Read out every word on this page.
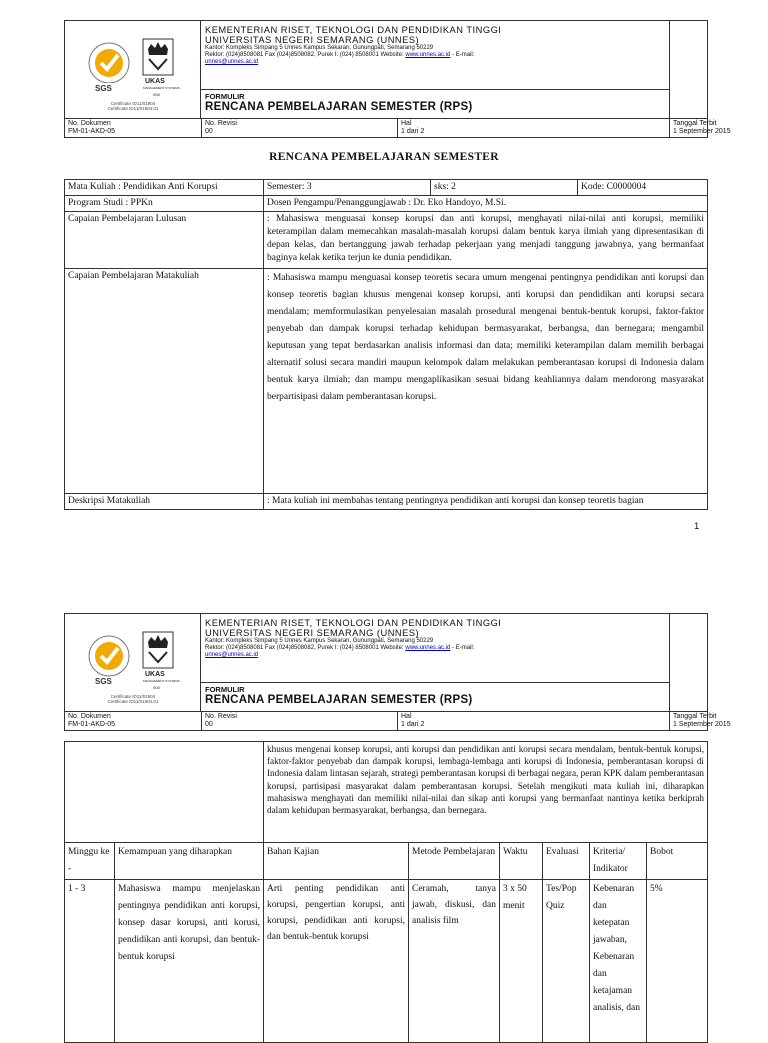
SGS
UKAS
MANAGEMENT SYSTEMS
008
Certificate ID11/01904
Certificate ID11/01904.01
KEMENTERIAN RISET, TEKNOLOGI DAN PENDIDIKAN TINGGI
UNIVERSITAS NEGERI SEMARANG (UNNES)
Kantor: Kompleks Simpang 5 Unnes Kampus Sekaran, Gunungpati, Semarang 50229
Rektor: (024)8508081 Fax (024)8508082, Purek I: (024) 8508001 Website: www.unnes.ac.id - E-mail:
unnes@unnes.ac.id
FORMULIR
RENCANA PEMBELAJARAN SEMESTER (RPS)
No. Dokumen
FM-01-AKD-05
No. Revisi
00
Hal
1 dari 2
Tanggal Terbit
1 September 2015
RENCANA PEMBELAJARAN SEMESTER
Mata Kuliah : Pendidikan Anti Korupsi	Semester: 3	sks: 2	Kode: C0000004
Program Studi : PPKn	Dosen Pengampu/Penanggungjawab : Dr. Eko Handoyo, M.Si.		
Capaian Pembelajaran Lulusan	: Mahasiswa menguasai konsep korupsi dan anti korupsi, menghayati nilai-nilai anti korupsi, memiliki keterampilan dalam memecahkan masalah-masalah korupsi dalam bentuk karya ilmiah yang dipresentasikan di depan kelas, dan bertanggung jawab terhadap pekerjaan yang menjadi tanggung jawabnya, yang bermanfaat baginya kelak ketika terjun ke dunia pendidikan.		
Capaian Pembelajaran Matakuliah	: Mahasiswa mampu menguasai konsep teoretis secara umum mengenai pentingnya pendidikan anti korupsi dan konsep teoretis bagian khusus mengenai konsep korupsi, anti korupsi dan pendidikan anti korupsi secara mendalam; memformulasikan penyelesaian masalah prosedural mengenai bentuk-bentuk korupsi, faktor-faktor penyebab dan dampak korupsi terhadap kehidupan bermasyarakat, berbangsa, dan bernegara; mengambil keputusan yang tepat berdasarkan analisis informasi dan data; memiliki keterampilan dalam memilih berbagai alternatif solusi secara mandiri maupun kelompok dalam melakukan pemberantasan korupsi di Indonesia dalam bentuk karya ilmiah; dan mampu mengaplikasikan sesuai bidang keahliannya dalam mendorong masyarakat berpartisipasi dalam pemberantasan korupsi.		
Deskripsi Matakuliah	: Mata kuliah ini membahas tentang pentingnya pendidikan anti korupsi dan konsep teoretis bagian		
1
SGS
UKAS
MANAGEMENT SYSTEMS
008
Certificate ID11/01904
Certificate ID11/01904.01
KEMENTERIAN RISET, TEKNOLOGI DAN PENDIDIKAN TINGGI
UNIVERSITAS NEGERI SEMARANG (UNNES)
Kantor: Kompleks Simpang 5 Unnes Kampus Sekaran, Gunungpati, Semarang 50229
Rektor: (024)8508081 Fax (024)8508082, Purek I: (024) 8508001 Website: www.unnes.ac.id - E-mail:
unnes@unnes.ac.id
FORMULIR
RENCANA PEMBELAJARAN SEMESTER (RPS)
No. Dokumen
FM-01-AKD-05
No. Revisi
00
Hal
1 dari 2
Tanggal Terbit
1 September 2015
		khusus mengenai konsep korupsi, anti korupsi dan pendidikan anti korupsi secara mendalam, bentuk-bentuk korupsi, faktor-faktor penyebab dan dampak korupsi, lembaga-lembaga anti korupsi di Indonesia, pemberantasan korupsi di Indonesia dalam lintasan sejarah, strategi pemberantasan korupsi di berbagai negara, peran KPK dalam pemberantasan korupsi, partisipasi masyarakat dalam pemberantasan korupsi. Setelah mengikuti mata kuliah ini, diharapkan mahasiswa menghayati dan memiliki nilai-nilai dan sikap anti korupsi yang bermanfaat nantinya ketika berkiprah dalam kehidupan bermasyarakat, berbangsa, dan bernegara.					
Minggu ke -	Kemampuan yang diharapkan	Bahan Kajian	Metode Pembelajaran	Waktu	Evaluasi	Kriteria/ Indikator	Bobot
1 - 3	Mahasiswa mampu menjelaskan pentingnya pendidikan anti korupsi, konsep dasar korupsi, anti korusi, pendidikan anti korupsi, dan bentuk-bentuk korupsi	Arti penting pendidikan anti korupsi, pengertian korupsi, anti korupsi, pendidikan anti korupsi, dan bentuk-bentuk korupsi	Ceramah, tanya jawab, diskusi, dan analisis film	3 x 50 menit	Tes/Pop Quiz	Kebenaran dan ketepatan jawaban, Kebenaran dan ketajaman analisis, dan	5%
